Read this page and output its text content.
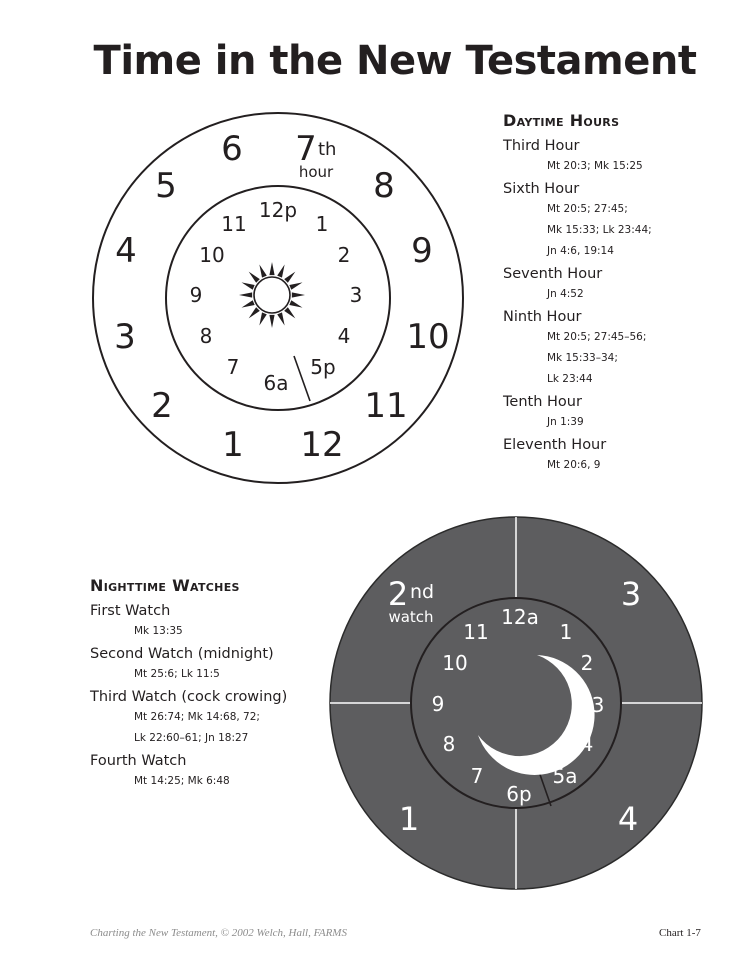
Time in the New Testament
1
2
3
4
5
6 7 th
hour 8
9
10
11
12
6a
7
8
9
10
11
12p
1
2
3
4
5p
1
2 nd
watch
3
4
6p
7
8
9
10
11
12a
1
2
3
4
5a
Daytime Hours
Third Hour
Mt 20:3; Mk 15:25
Sixth Hour
Mt 20:5; 27:45;
Mk 15:33; Lk 23:44;
Jn 4:6, 19:14
Seventh Hour
Jn 4:52
Ninth Hour
Mt 20:5; 27:45–56;
Mk 15:33–34;
Lk 23:44
Tenth Hour
Jn 1:39
Eleventh Hour
Mt 20:6, 9
Nighttime Watches
First Watch
Mk 13:35
Second Watch (midnight)
Mt 25:6; Lk 11:5
Third Watch (cock crowing)
Mt 26:74; Mk 14:68, 72;
Lk 22:60–61; Jn 18:27
Fourth Watch
Mt 14:25; Mk 6:48
Charting the New Testament, © 2002 Welch, Hall, FARMS	Chart 1-7
